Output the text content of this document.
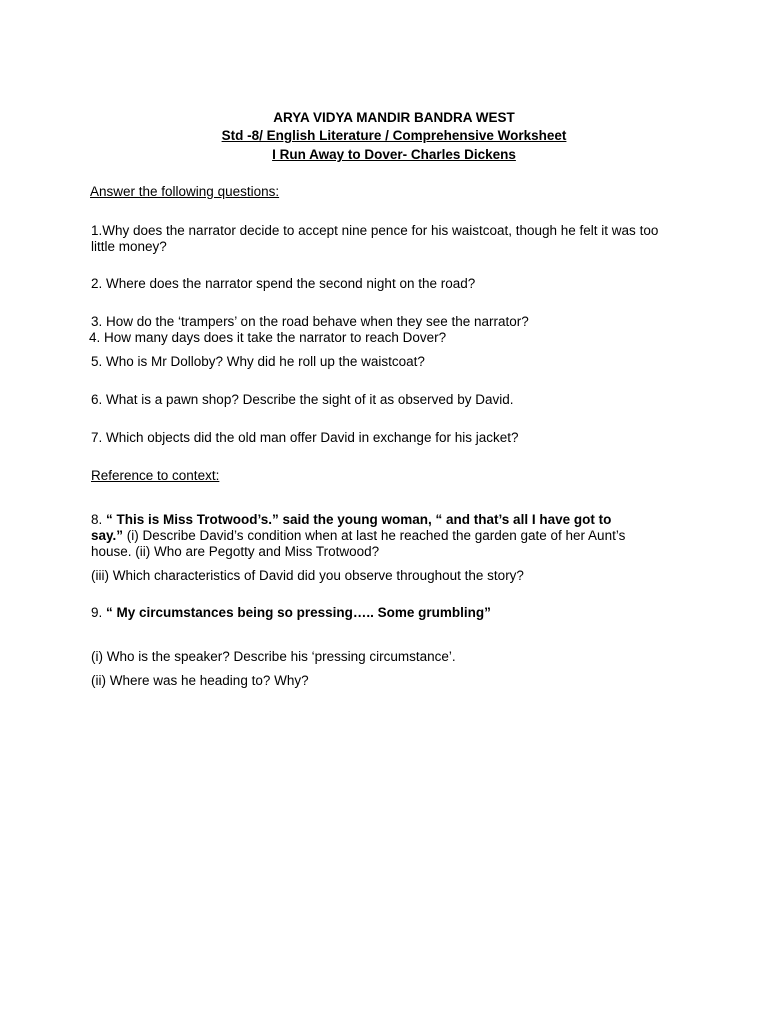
ARYA VIDYA MANDIR BANDRA WEST
Std -8/ English Literature / Comprehensive Worksheet
I Run Away to Dover- Charles Dickens
Answer the following questions:
1.Why does the narrator decide to accept nine pence for his waistcoat, though he felt it was too
little money?
2. Where does the narrator spend the second night on the road?
3. How do the ‘trampers’ on the road behave when they see the narrator?
4. How many days does it take the narrator to reach Dover?
5. Who is Mr Dolloby? Why did he roll up the waistcoat?
6. What is a pawn shop? Describe the sight of it as observed by David.
7. Which objects did the old man offer David in exchange for his jacket?
Reference to context:
8. “ This is Miss Trotwood’s.” said the young woman, “ and that’s all I have got to
say.” (i) Describe David’s condition when at last he reached the garden gate of her Aunt’s
house. (ii) Who are Pegotty and Miss Trotwood?
(iii) Which characteristics of David did you observe throughout the story?
9. “ My circumstances being so pressing….. Some grumbling”
(i) Who is the speaker? Describe his ‘pressing circumstance’.
(ii) Where was he heading to? Why?
